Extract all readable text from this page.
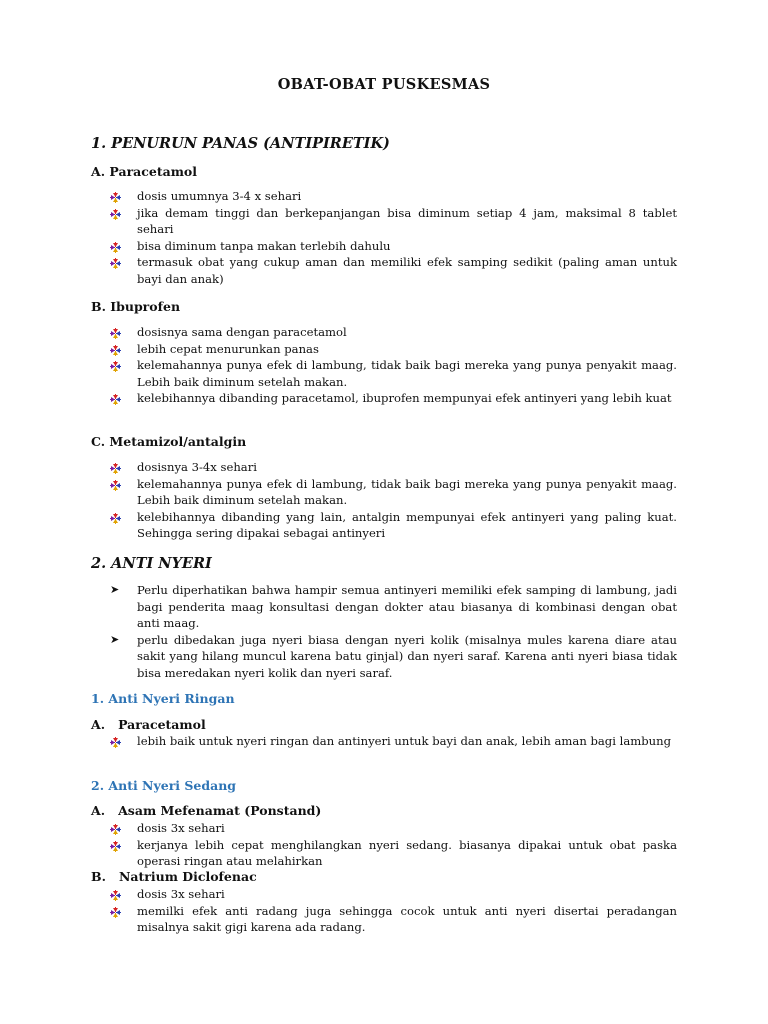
OBAT-OBAT PUSKESMAS
1. PENURUN PANAS (ANTIPIRETIK)
A. Paracetamol
dosis umumnya 3-4 x sehari
jika demam tinggi dan berkepanjangan bisa diminum setiap 4 jam, maksimal 8 tablet sehari
bisa diminum tanpa makan terlebih dahulu
termasuk obat yang cukup aman dan memiliki efek samping sedikit (paling aman untuk bayi dan anak)
B. Ibuprofen
dosisnya sama dengan paracetamol
lebih cepat menurunkan panas
kelemahannya punya efek di lambung, tidak baik bagi mereka yang punya penyakit maag. Lebih baik diminum setelah makan.
kelebihannya dibanding paracetamol, ibuprofen mempunyai efek antinyeri yang lebih kuat
C. Metamizol/antalgin
dosisnya 3-4x sehari
kelemahannya punya efek di lambung, tidak baik bagi mereka yang punya penyakit maag. Lebih baik diminum setelah makan.
kelebihannya dibanding yang lain, antalgin mempunyai efek antinyeri yang paling kuat. Sehingga sering dipakai sebagai antinyeri
2. ANTI NYERI
➤ Perlu diperhatikan bahwa hampir semua antinyeri memiliki efek samping di lambung, jadi bagi penderita maag konsultasi dengan dokter atau biasanya di kombinasi dengan obat anti maag.
➤ perlu dibedakan juga nyeri biasa dengan nyeri kolik (misalnya mules karena diare atau sakit yang hilang muncul karena batu ginjal) dan nyeri saraf. Karena anti nyeri biasa tidak bisa meredakan nyeri kolik dan nyeri saraf.
1. Anti Nyeri Ringan
A.   Paracetamol
lebih baik untuk nyeri ringan dan antinyeri untuk bayi dan anak, lebih aman bagi lambung
2. Anti Nyeri Sedang
A.   Asam Mefenamat (Ponstand)
dosis 3x sehari
kerjanya lebih cepat menghilangkan nyeri sedang. biasanya dipakai untuk obat paska operasi ringan atau melahirkan
B.   Natrium Diclofenac
dosis 3x sehari
memilki efek anti radang juga sehingga cocok untuk anti nyeri disertai peradangan misalnya sakit gigi karena ada radang.
